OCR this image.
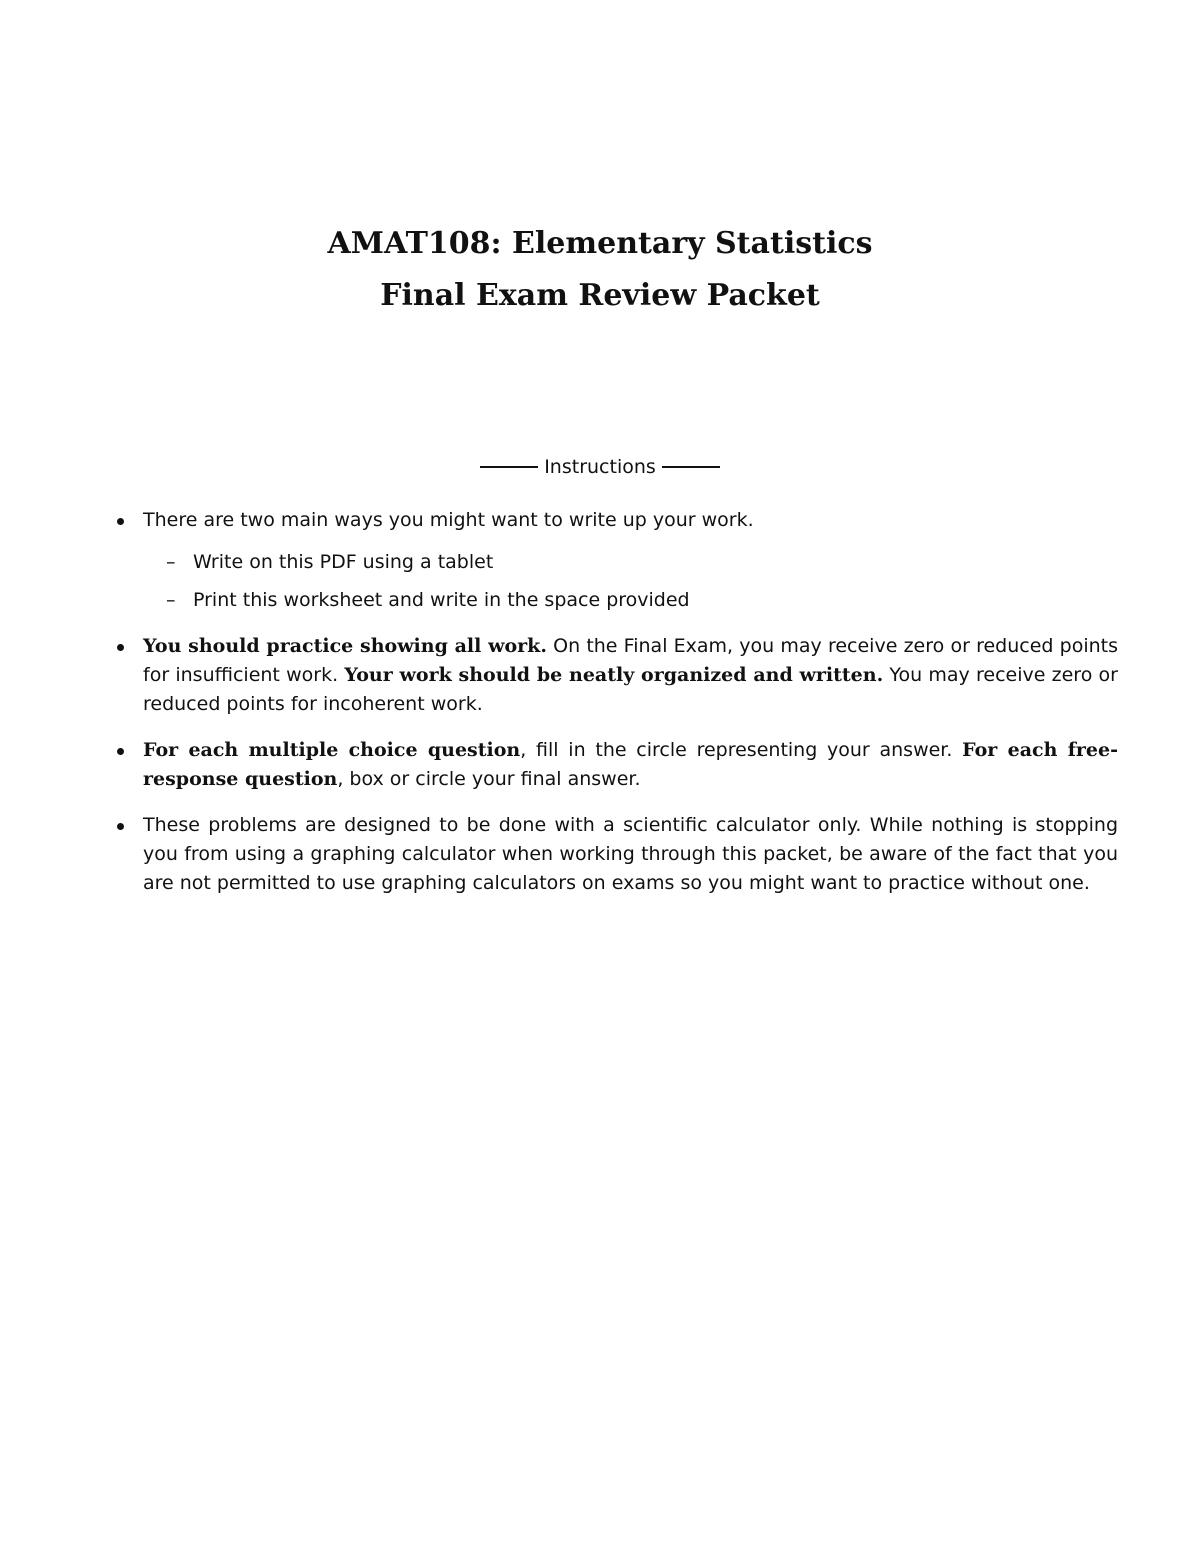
AMAT108: Elementary Statistics
Final Exam Review Packet
Instructions
There are two main ways you might want to write up your work.
– Write on this PDF using a tablet
– Print this worksheet and write in the space provided
You should practice showing all work. On the Final Exam, you may receive zero or reduced points for insufficient work. Your work should be neatly organized and written. You may receive zero or reduced points for incoherent work.
For each multiple choice question, fill in the circle representing your answer. For each free-response question, box or circle your final answer.
These problems are designed to be done with a scientific calculator only. While nothing is stopping you from using a graphing calculator when working through this packet, be aware of the fact that you are not permitted to use graphing calculators on exams so you might want to practice without one.
